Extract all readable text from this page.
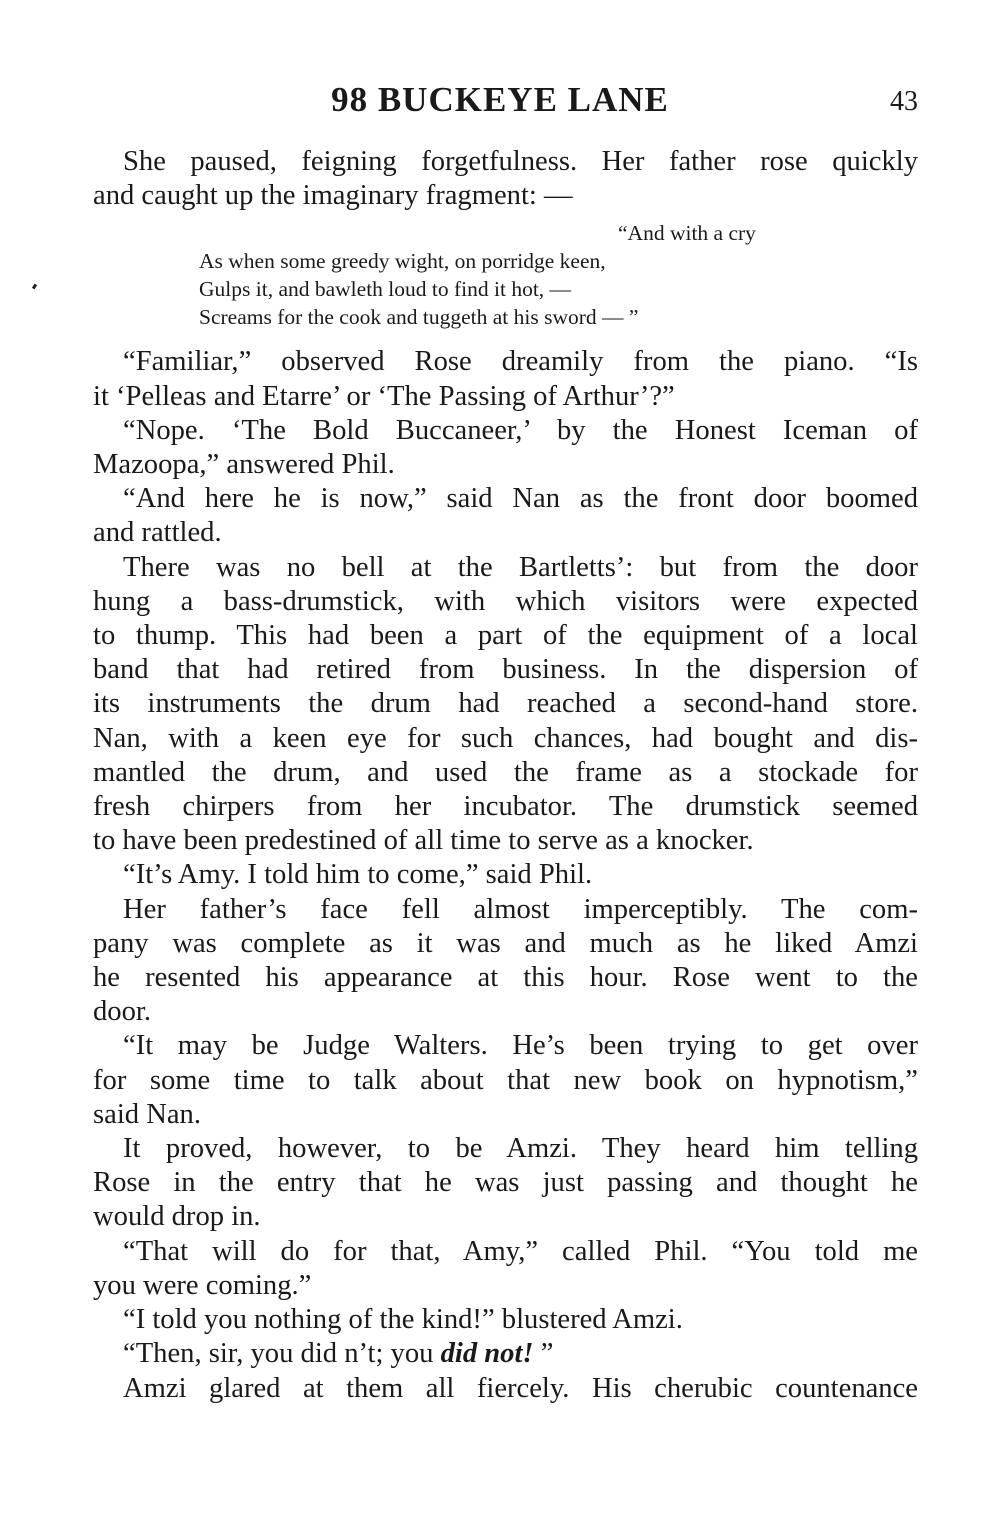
98 BUCKEYE LANE	43
She paused, feigning forgetfulness. Her father rose quickly
and caught up the imaginary fragment: —
“And with a cry
As when some greedy wight, on porridge keen,
Gulps it, and bawleth loud to find it hot, —
Screams for the cook and tuggeth at his sword — ”
“Familiar,” observed Rose dreamily from the piano. “Is
it ‘Pelleas and Etarre’ or ‘The Passing of Arthur’?”
“Nope. ‘The Bold Buccaneer,’ by the Honest Iceman of
Mazoopa,” answered Phil.
“And here he is now,” said Nan as the front door boomed
and rattled.
There was no bell at the Bartletts’: but from the door
hung a bass-drumstick, with which visitors were expected
to thump. This had been a part of the equipment of a local
band that had retired from business. In the dispersion of
its instruments the drum had reached a second-hand store.
Nan, with a keen eye for such chances, had bought and dis-
mantled the drum, and used the frame as a stockade for
fresh chirpers from her incubator. The drumstick seemed
to have been predestined of all time to serve as a knocker.
“It’s Amy. I told him to come,” said Phil.
Her father’s face fell almost imperceptibly. The com-
pany was complete as it was and much as he liked Amzi
he resented his appearance at this hour. Rose went to the
door.
“It may be Judge Walters. He’s been trying to get over
for some time to talk about that new book on hypnotism,”
said Nan.
It proved, however, to be Amzi. They heard him telling
Rose in the entry that he was just passing and thought he
would drop in.
“That will do for that, Amy,” called Phil. “You told me
you were coming.”
“I told you nothing of the kind!” blustered Amzi.
“Then, sir, you did n’t; you did not! ”
Amzi glared at them all fiercely. His cherubic countenance
